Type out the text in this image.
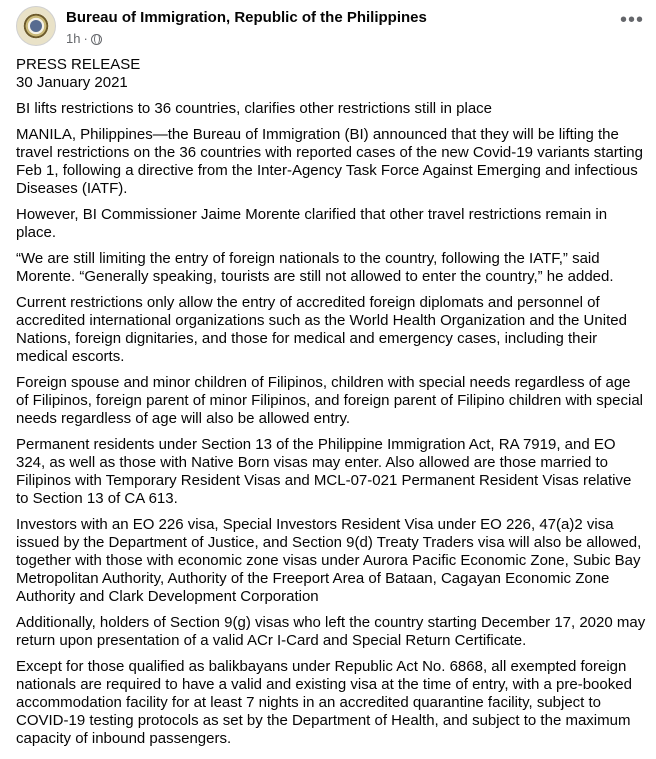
Bureau of Immigration, Republic of the Philippines
1h ·
•••

PRESS RELEASE

30 January 2021

BI lifts restrictions to 36 countries, clarifies other restrictions still in place

MANILA, Philippines—the Bureau of Immigration (BI) announced that they will be lifting the travel restrictions on the 36 countries with reported cases of the new Covid-19 variants starting Feb 1, following a directive from the Inter-Agency Task Force Against Emerging and infectious Diseases (IATF).

However, BI Commissioner Jaime Morente clarified that other travel restrictions remain in place.

“We are still limiting the entry of foreign nationals to the country, following the IATF,” said Morente. “Generally speaking, tourists are still not allowed to enter the country,” he added.

Current restrictions only allow the entry of accredited foreign diplomats and personnel of accredited international organizations such as the World Health Organization and the United Nations, foreign dignitaries, and those for medical and emergency cases, including their medical escorts.

Foreign spouse and minor children of Filipinos, children with special needs regardless of age of Filipinos, foreign parent of minor Filipinos, and foreign parent of Filipino children with special needs regardless of age will also be allowed entry.

Permanent residents under Section 13 of the Philippine Immigration Act, RA 7919, and EO 324, as well as those with Native Born visas may enter. Also allowed are those married to Filipinos with Temporary Resident Visas and MCL-07-021 Permanent Resident Visas relative to Section 13 of CA 613.

Investors with an EO 226 visa, Special Investors Resident Visa under EO 226, 47(a)2 visa issued by the Department of Justice, and Section 9(d) Treaty Traders visa will also be allowed, together with those with economic zone visas under Aurora Pacific Economic Zone, Subic Bay Metropolitan Authority, Authority of the Freeport Area of Bataan, Cagayan Economic Zone Authority and Clark Development Corporation

Additionally, holders of Section 9(g) visas who left the country starting December 17, 2020 may return upon presentation of a valid ACr I-Card and Special Return Certificate.

Except for those qualified as balikbayans under Republic Act No. 6868, all exempted foreign nationals are required to have a valid and existing visa at the time of entry, with a pre-booked accommodation facility for at least 7 nights in an accredited quarantine facility, subject to COVID-19 testing protocols as set by the Department of Health, and subject to the maximum capacity of inbound passengers.
